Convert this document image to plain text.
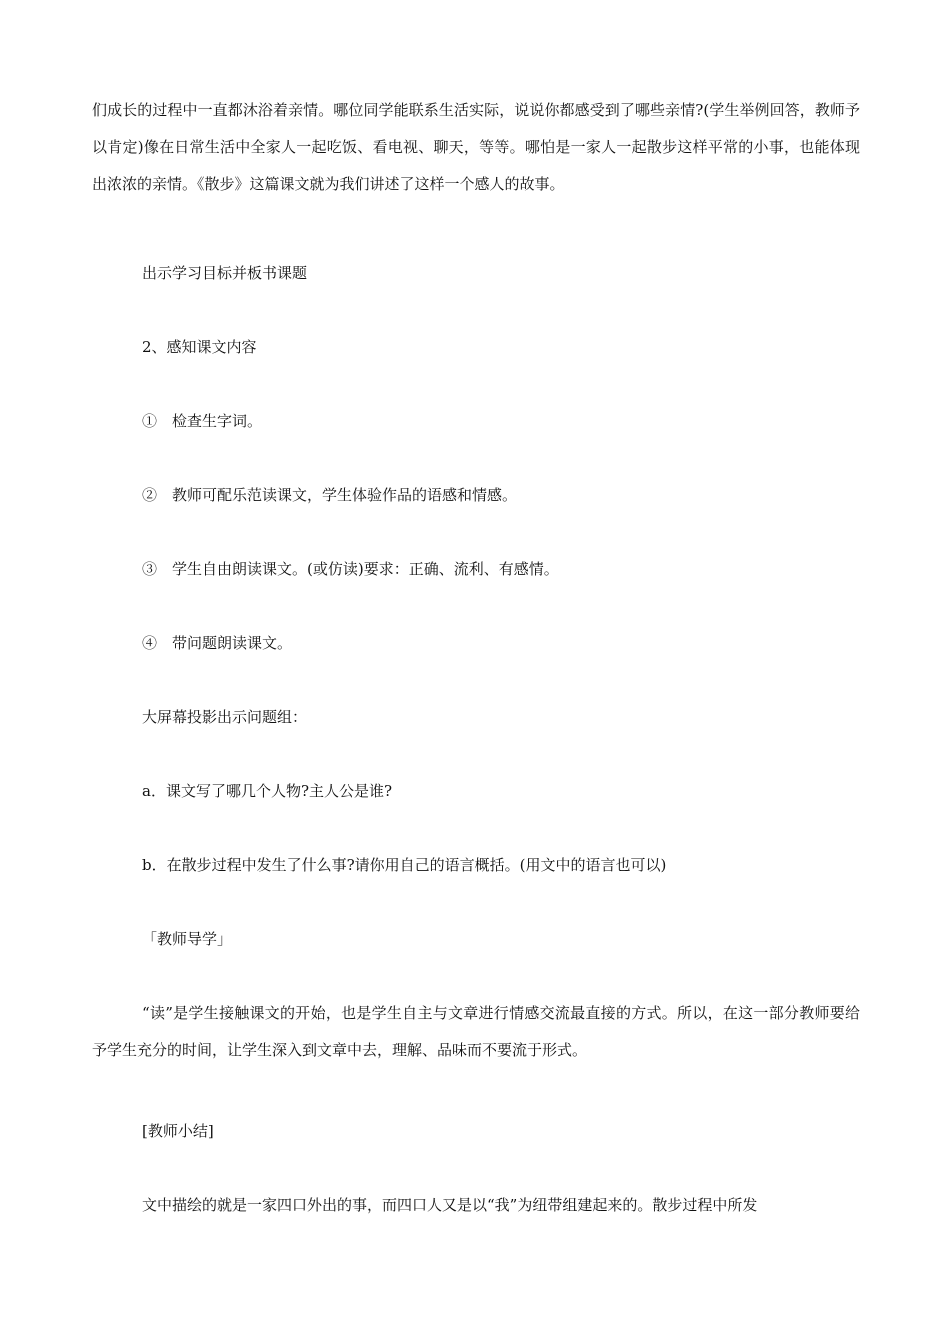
们成长的过程中一直都沐浴着亲情。哪位同学能联系生活实际，说说你都感受到了哪些亲情?(学生举例回答，教师予以肯定)像在日常生活中全家人一起吃饭、看电视、聊天，等等。哪怕是一家人一起散步这样平常的小事，也能体现出浓浓的亲情。《散步》这篇课文就为我们讲述了这样一个感人的故事。

出示学习目标并板书课题

2、感知课文内容

①　检查生字词。

②　教师可配乐范读课文，学生体验作品的语感和情感。

③　学生自由朗读课文。(或仿读)要求：正确、流利、有感情。

④　带问题朗读课文。

大屏幕投影出示问题组：

a．课文写了哪几个人物?主人公是谁?

b．在散步过程中发生了什么事?请你用自己的语言概括。(用文中的语言也可以)

「教师导学」

“读”是学生接触课文的开始，也是学生自主与文章进行情感交流最直接的方式。所以，在这一部分教师要给予学生充分的时间，让学生深入到文章中去，理解、品味而不要流于形式。

[教师小结]

文中描绘的就是一家四口外出的事，而四口人又是以“我”为纽带组建起来的。散步过程中所发
